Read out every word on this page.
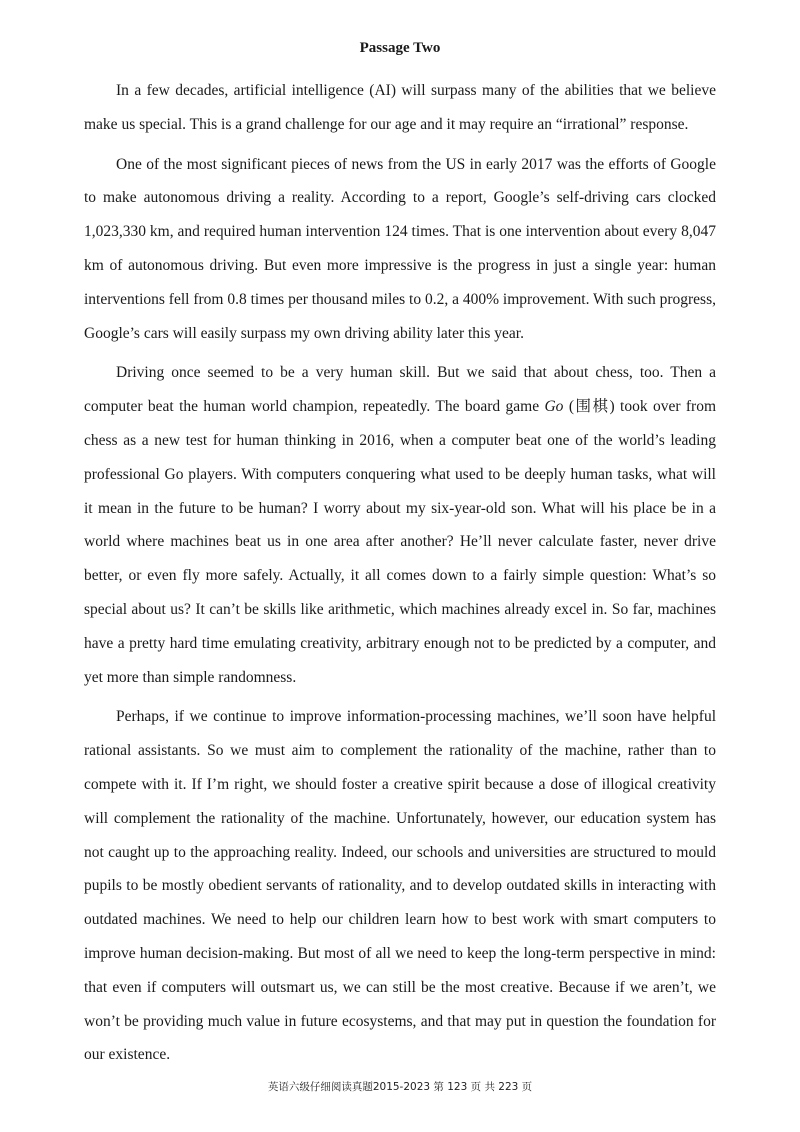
Passage Two

In a few decades, artificial intelligence (AI) will surpass many of the abilities that we believe make us special. This is a grand challenge for our age and it may require an “irrational” response.

One of the most significant pieces of news from the US in early 2017 was the efforts of Google to make autonomous driving a reality. According to a report, Google’s self-driving cars clocked 1,023,330 km, and required human intervention 124 times. That is one intervention about every 8,047 km of autonomous driving. But even more impressive is the progress in just a single year: human interventions fell from 0.8 times per thousand miles to 0.2, a 400% improvement. With such progress, Google’s cars will easily surpass my own driving ability later this year.

Driving once seemed to be a very human skill. But we said that about chess, too. Then a computer beat the human world champion, repeatedly. The board game Go (围棋) took over from chess as a new test for human thinking in 2016, when a computer beat one of the world’s leading professional Go players. With computers conquering what used to be deeply human tasks, what will it mean in the future to be human? I worry about my six-year-old son. What will his place be in a world where machines beat us in one area after another? He’ll never calculate faster, never drive better, or even fly more safely. Actually, it all comes down to a fairly simple question: What’s so special about us? It can’t be skills like arithmetic, which machines already excel in. So far, machines have a pretty hard time emulating creativity, arbitrary enough not to be predicted by a computer, and yet more than simple randomness.

Perhaps, if we continue to improve information-processing machines, we’ll soon have helpful rational assistants. So we must aim to complement the rationality of the machine, rather than to compete with it. If I’m right, we should foster a creative spirit because a dose of illogical creativity will complement the rationality of the machine. Unfortunately, however, our education system has not caught up to the approaching reality. Indeed, our schools and universities are structured to mould pupils to be mostly obedient servants of rationality, and to develop outdated skills in interacting with outdated machines. We need to help our children learn how to best work with smart computers to improve human decision-making. But most of all we need to keep the long-term perspective in mind: that even if computers will outsmart us, we can still be the most creative. Because if we aren’t, we won’t be providing much value in future ecosystems, and that may put in question the foundation for our existence.

英语六级仔细阅读真题2015-2023 第 123 页 共 223 页
